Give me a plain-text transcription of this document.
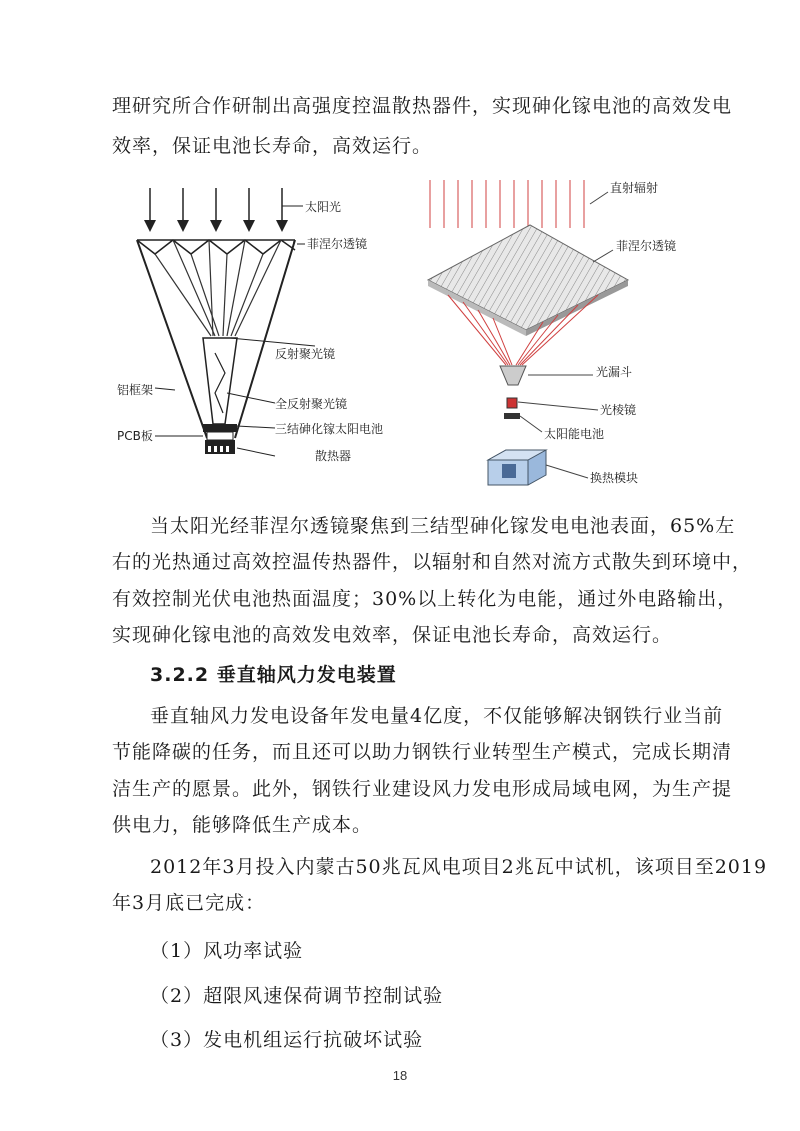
理研究所合作研制出高强度控温散热器件，实现砷化镓电池的高效发电
效率，保证电池长寿命，高效运行。
太阳光
菲涅尔透镜
反射聚光镜
铝框架
全反射聚光镜
PCB板	三结砷化镓太阳电池
散热器
直射辐射
菲涅尔透镜
光漏斗
光棱镜
太阳能电池
换热模块
当太阳光经菲涅尔透镜聚焦到三结型砷化镓发电电池表面，65%左
右的光热通过高效控温传热器件，以辐射和自然对流方式散失到环境中，
有效控制光伏电池热面温度；30%以上转化为电能，通过外电路输出，
实现砷化镓电池的高效发电效率，保证电池长寿命，高效运行。
3.2.2 垂直轴风力发电装置
垂直轴风力发电设备年发电量4亿度，不仅能够解决钢铁行业当前
节能降碳的任务，而且还可以助力钢铁行业转型生产模式，完成长期清
洁生产的愿景。此外，钢铁行业建设风力发电形成局域电网，为生产提
供电力，能够降低生产成本。
2012年3月投入内蒙古50兆瓦风电项目2兆瓦中试机，该项目至2019
年3月底已完成：
（1）风功率试验
（2）超限风速保荷调节控制试验
（3）发电机组运行抗破坏试验
18
